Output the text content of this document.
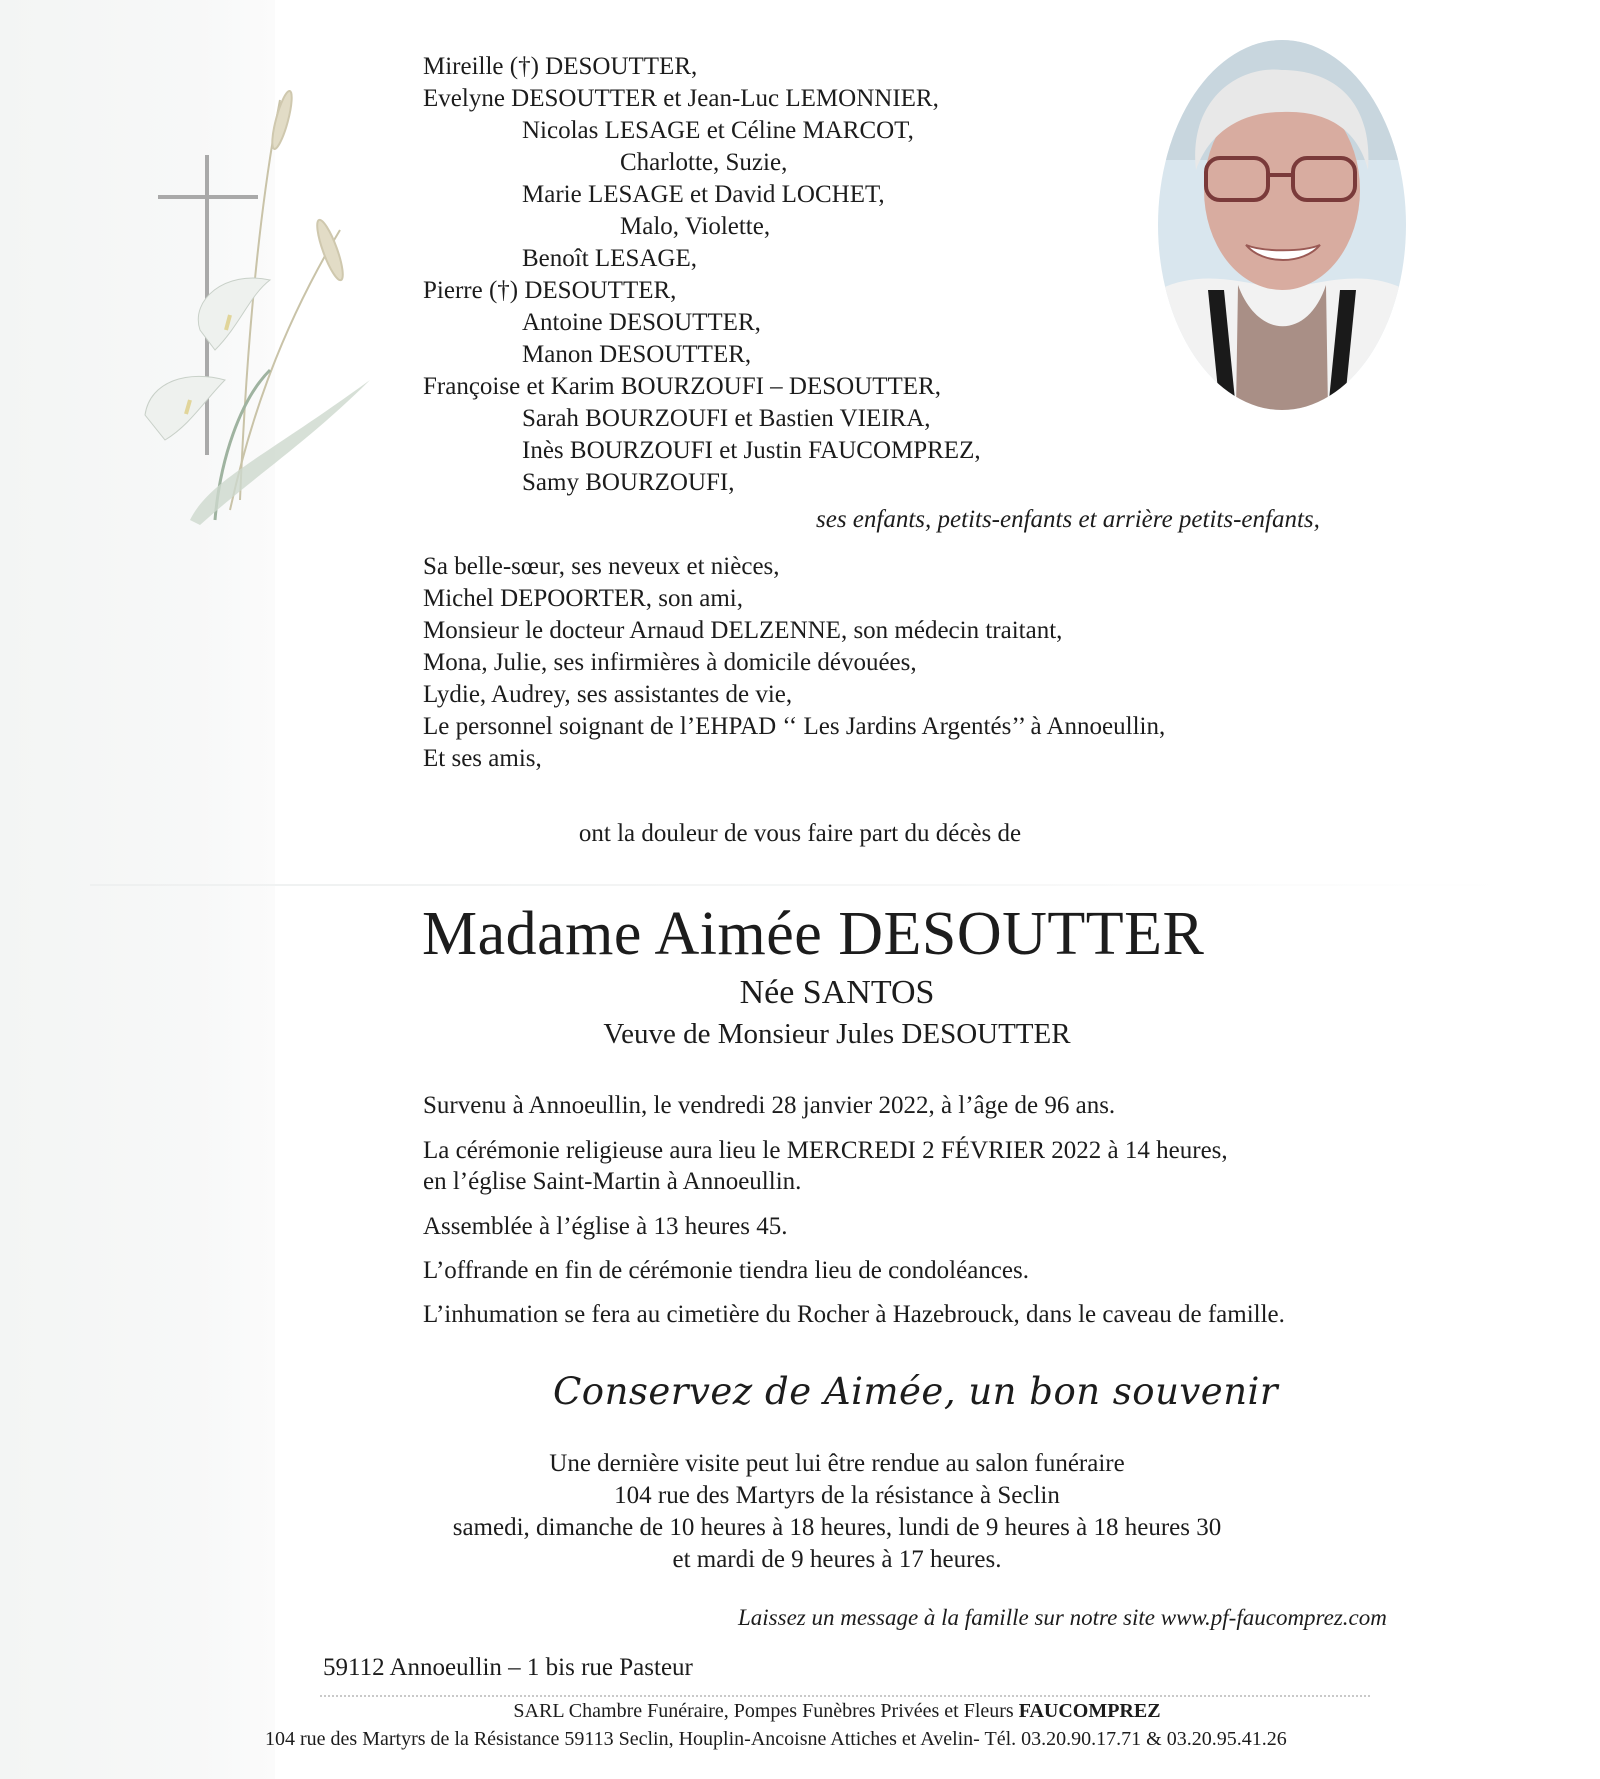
Mireille (†) DESOUTTER,
Evelyne DESOUTTER et Jean-Luc LEMONNIER,
Nicolas LESAGE et Céline MARCOT,
Charlotte, Suzie,
Marie LESAGE et David LOCHET,
Malo, Violette,
Benoît LESAGE,
Pierre (†) DESOUTTER,
Antoine DESOUTTER,
Manon DESOUTTER,
Françoise et Karim BOURZOUFI – DESOUTTER,
Sarah BOURZOUFI et Bastien VIEIRA,
Inès BOURZOUFI et Justin FAUCOMPREZ,
Samy BOURZOUFI,
ses enfants, petits-enfants et arrière petits-enfants,
Sa belle-sœur, ses neveux et nièces,
Michel DEPOORTER, son ami,
Monsieur le docteur Arnaud DELZENNE, son médecin traitant,
Mona, Julie, ses infirmières à domicile dévouées,
Lydie, Audrey, ses assistantes de vie,
Le personnel soignant de l’EHPAD ‘‘ Les Jardins Argentés’’ à Annoeullin,
Et ses amis,
ont la douleur de vous faire part du décès de
Madame Aimée DESOUTTER
Née SANTOS
Veuve de Monsieur Jules DESOUTTER
Survenu à Annoeullin, le vendredi 28 janvier 2022, à l’âge de 96 ans.
La cérémonie religieuse aura lieu le MERCREDI 2 FÉVRIER 2022 à 14 heures,
en l’église Saint-Martin à Annoeullin.
Assemblée à l’église à 13 heures 45.
L’offrande en fin de cérémonie tiendra lieu de condoléances.
L’inhumation se fera au cimetière du Rocher à Hazebrouck, dans le caveau de famille.
Conservez de Aimée, un bon souvenir
Une dernière visite peut lui être rendue au salon funéraire
104 rue des Martyrs de la résistance à Seclin
samedi, dimanche de 10 heures à 18 heures, lundi de 9 heures à 18 heures 30
et mardi de 9 heures à 17 heures.
Laissez un message à la famille sur notre site www.pf-faucomprez.com
59112 Annoeullin – 1 bis rue Pasteur
SARL Chambre Funéraire, Pompes Funèbres Privées et Fleurs FAUCOMPREZ
104 rue des Martyrs de la Résistance 59113 Seclin, Houplin-Ancoisne Attiches et Avelin- Tél. 03.20.90.17.71 & 03.20.95.41.26
